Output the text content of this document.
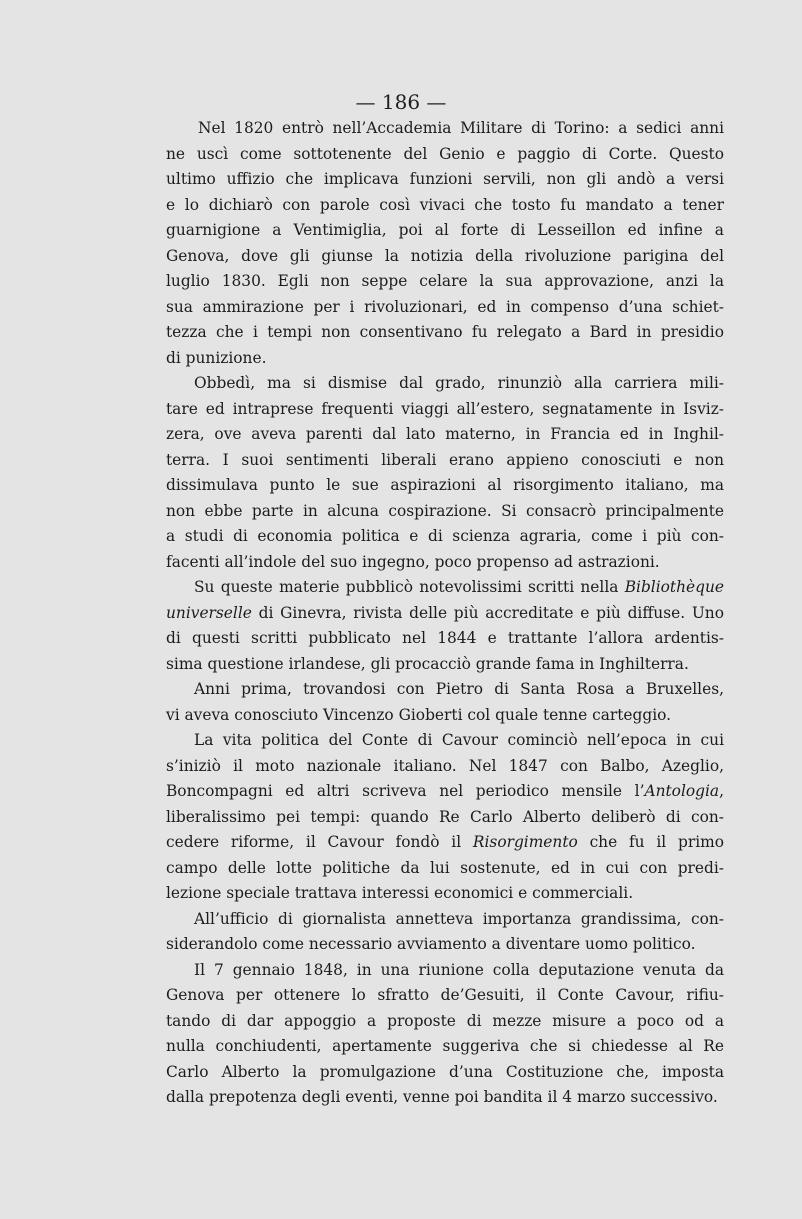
— 186 —
Nel 1820 entrò nell’Accademia Militare di Torino: a sedici anni
ne uscì come sottotenente del Genio e paggio di Corte. Questo
ultimo uffizio che implicava funzioni servili, non gli andò a versi
e lo dichiarò con parole così vivaci che tosto fu mandato a tener
guarnigione a Ventimiglia, poi al forte di Lesseillon ed infine a
Genova, dove gli giunse la notizia della rivoluzione parigina del
luglio 1830. Egli non seppe celare la sua approvazione, anzi la
sua ammirazione per i rivoluzionari, ed in compenso d’una schiet-
tezza che i tempi non consentivano fu relegato a Bard in presidio
di punizione.
Obbedì, ma si dismise dal grado, rinunziò alla carriera mili-
tare ed intraprese frequenti viaggi all’estero, segnatamente in Isviz-
zera, ove aveva parenti dal lato materno, in Francia ed in Inghil-
terra. I suoi sentimenti liberali erano appieno conosciuti e non
dissimulava punto le sue aspirazioni al risorgimento italiano, ma
non ebbe parte in alcuna cospirazione. Si consacrò principalmente
a studi di economia politica e di scienza agraria, come i più con-
facenti all’indole del suo ingegno, poco propenso ad astrazioni.
Su queste materie pubblicò notevolissimi scritti nella Bibliothèque
universelle di Ginevra, rivista delle più accreditate e più diffuse. Uno
di questi scritti pubblicato nel 1844 e trattante l’allora ardentis-
sima questione irlandese, gli procacciò grande fama in Inghilterra.
Anni prima, trovandosi con Pietro di Santa Rosa a Bruxelles,
vi aveva conosciuto Vincenzo Gioberti col quale tenne carteggio.
La vita politica del Conte di Cavour cominciò nell’epoca in cui
s’iniziò il moto nazionale italiano. Nel 1847 con Balbo, Azeglio,
Boncompagni ed altri scriveva nel periodico mensile l’Antologia,
liberalissimo pei tempi: quando Re Carlo Alberto deliberò di con-
cedere riforme, il Cavour fondò il Risorgimento che fu il primo
campo delle lotte politiche da lui sostenute, ed in cui con predi-
lezione speciale trattava interessi economici e commerciali.
All’ufficio di giornalista annetteva importanza grandissima, con-
siderandolo come necessario avviamento a diventare uomo politico.
Il 7 gennaio 1848, in una riunione colla deputazione venuta da
Genova per ottenere lo sfratto de’Gesuiti, il Conte Cavour, rifiu-
tando di dar appoggio a proposte di mezze misure a poco od a
nulla conchiudenti, apertamente suggeriva che si chiedesse al Re
Carlo Alberto la promulgazione d’una Costituzione che, imposta
dalla prepotenza degli eventi, venne poi bandita il 4 marzo successivo.
